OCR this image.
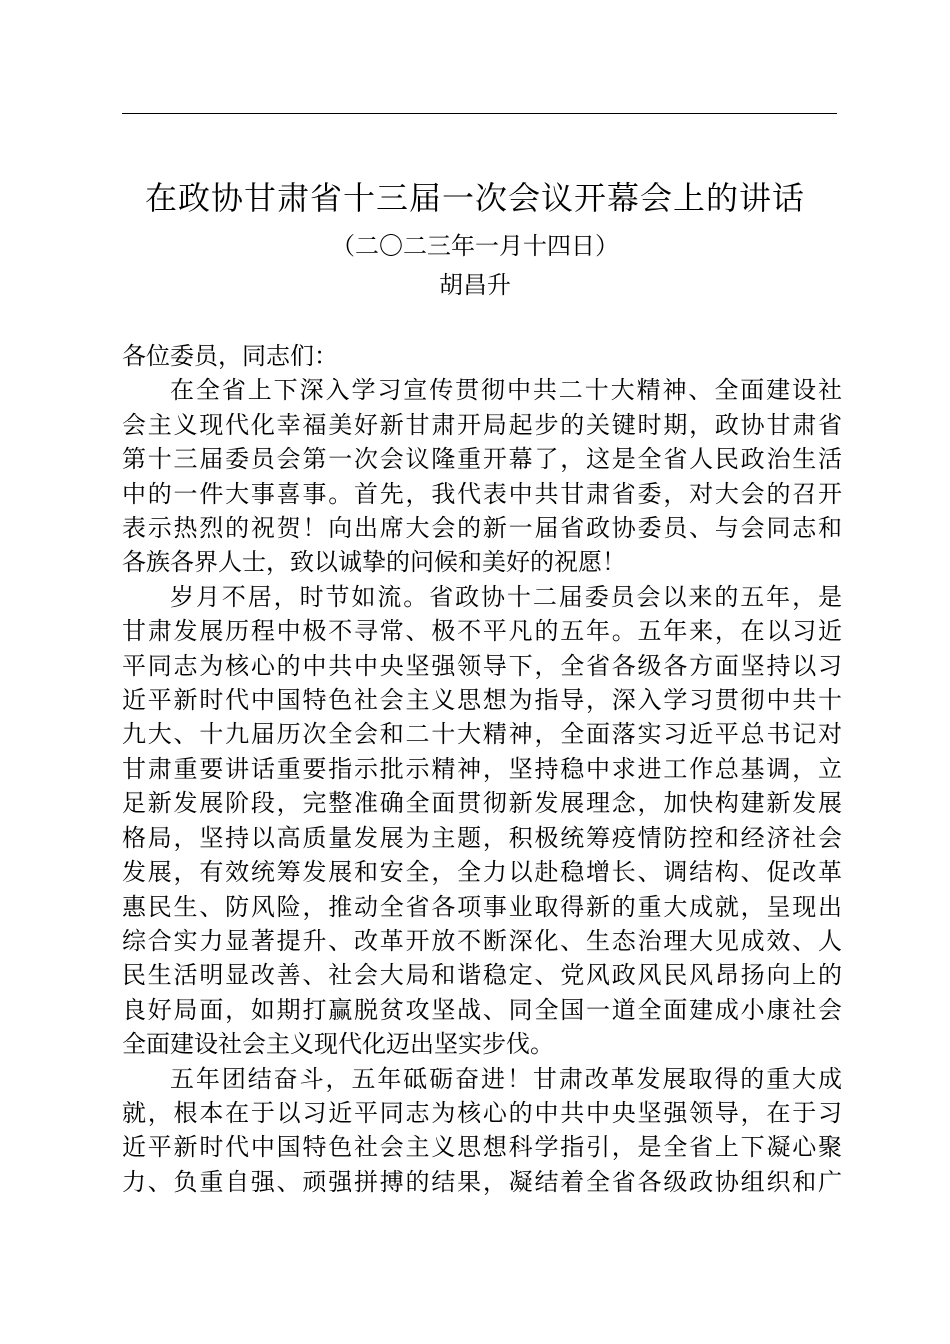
在政协甘肃省十三届一次会议开幕会上的讲话
（二〇二三年一月十四日）
胡昌升
各位委员，同志们：
在全省上下深入学习宣传贯彻中共二十大精神、全面建设社
会主义现代化幸福美好新甘肃开局起步的关键时期，政协甘肃省
第十三届委员会第一次会议隆重开幕了，这是全省人民政治生活
中的一件大事喜事。首先，我代表中共甘肃省委，对大会的召开
表示热烈的祝贺！向出席大会的新一届省政协委员、与会同志和
各族各界人士，致以诚挚的问候和美好的祝愿！
岁月不居，时节如流。省政协十二届委员会以来的五年，是
甘肃发展历程中极不寻常、极不平凡的五年。五年来，在以习近
平同志为核心的中共中央坚强领导下，全省各级各方面坚持以习
近平新时代中国特色社会主义思想为指导，深入学习贯彻中共十
九大、十九届历次全会和二十大精神，全面落实习近平总书记对
甘肃重要讲话重要指示批示精神，坚持稳中求进工作总基调，立
足新发展阶段，完整准确全面贯彻新发展理念，加快构建新发展
格局，坚持以高质量发展为主题，积极统筹疫情防控和经济社会
发展，有效统筹发展和安全，全力以赴稳增长、调结构、促改革
惠民生、防风险，推动全省各项事业取得新的重大成就，呈现出
综合实力显著提升、改革开放不断深化、生态治理大见成效、人
民生活明显改善、社会大局和谐稳定、党风政风民风昂扬向上的
良好局面，如期打赢脱贫攻坚战、同全国一道全面建成小康社会
全面建设社会主义现代化迈出坚实步伐。
五年团结奋斗，五年砥砺奋进！甘肃改革发展取得的重大成
就，根本在于以习近平同志为核心的中共中央坚强领导，在于习
近平新时代中国特色社会主义思想科学指引，是全省上下凝心聚
力、负重自强、顽强拼搏的结果，凝结着全省各级政协组织和广
